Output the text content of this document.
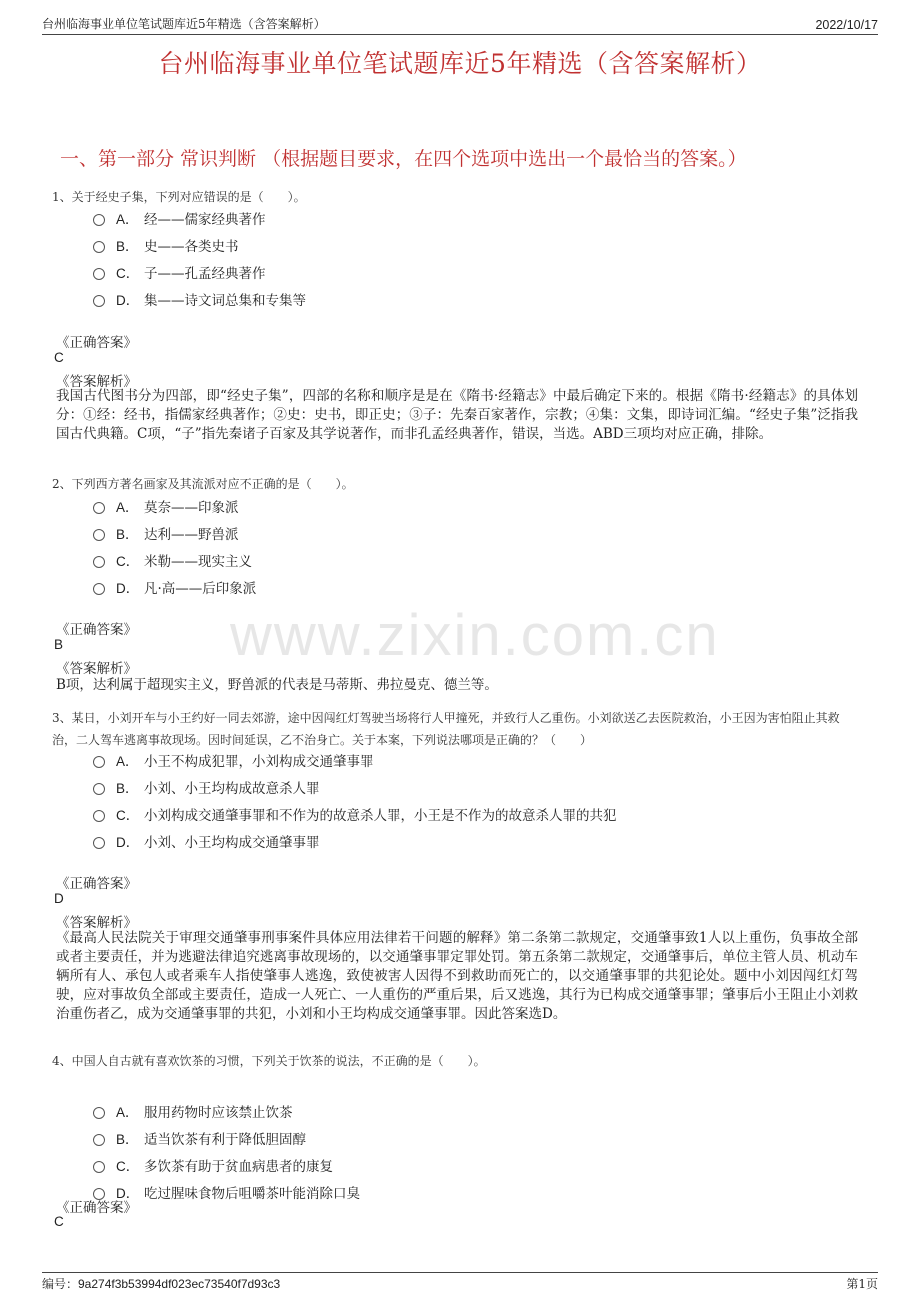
台州临海事业单位笔试题库近5年精选（含答案解析）	2022/10/17
台州临海事业单位笔试题库近5年精选（含答案解析）
一、第一部分 常识判断 （根据题目要求，在四个选项中选出一个最恰当的答案。）
www.zixin.com.cn
1、关于经史子集，下列对应错误的是（　　）。
A． 经——儒家经典著作
B． 史——各类史书
C． 子——孔孟经典著作
D． 集——诗文词总集和专集等
《正确答案》
C
《答案解析》
我国古代图书分为四部，即“经史子集”，四部的名称和顺序是是在《隋书·经籍志》中最后确定下来的。根据《隋书·经籍志》的具体划分：①经：经书，指儒家经典著作；②史：史书，即正史；③子：先秦百家著作，宗教；④集：文集，即诗词汇编。“经史子集”泛指我国古代典籍。C项，“子”指先秦诸子百家及其学说著作，而非孔孟经典著作，错误，当选。ABD三项均对应正确，排除。
2、下列西方著名画家及其流派对应不正确的是（　　）。
A． 莫奈——印象派
B． 达利——野兽派
C． 米勒——现实主义
D． 凡·高——后印象派
《正确答案》
B
《答案解析》
B项，达利属于超现实主义，野兽派的代表是马蒂斯、弗拉曼克、德兰等。
3、某日，小刘开车与小王约好一同去郊游，途中因闯红灯驾驶当场将行人甲撞死，并致行人乙重伤。小刘欲送乙去医院救治，小王因为害怕阻止其救治，二人驾车逃离事故现场。因时间延误，乙不治身亡。关于本案，下列说法哪项是正确的？（　　）
A． 小王不构成犯罪，小刘构成交通肇事罪
B． 小刘、小王均构成故意杀人罪
C． 小刘构成交通肇事罪和不作为的故意杀人罪，小王是不作为的故意杀人罪的共犯
D． 小刘、小王均构成交通肇事罪
《正确答案》
D
《答案解析》
《最高人民法院关于审理交通肇事刑事案件具体应用法律若干问题的解释》第二条第二款规定，交通肇事致1人以上重伤，负事故全部或者主要责任，并为逃避法律追究逃离事故现场的，以交通肇事罪定罪处罚。第五条第二款规定，交通肇事后，单位主管人员、机动车辆所有人、承包人或者乘车人指使肇事人逃逸，致使被害人因得不到救助而死亡的，以交通肇事罪的共犯论处。题中小刘因闯红灯驾驶，应对事故负全部或主要责任，造成一人死亡、一人重伤的严重后果，后又逃逸，其行为已构成交通肇事罪；肇事后小王阻止小刘救治重伤者乙，成为交通肇事罪的共犯，小刘和小王均构成交通肇事罪。因此答案选D。
4、中国人自古就有喜欢饮茶的习惯，下列关于饮茶的说法，不正确的是（　　）。
A． 服用药物时应该禁止饮茶
B． 适当饮茶有利于降低胆固醇
C． 多饮茶有助于贫血病患者的康复
D． 吃过腥味食物后咀嚼茶叶能消除口臭
《正确答案》
C
编号：9a274f3b53994df023ec73540f7d93c3	第1页
